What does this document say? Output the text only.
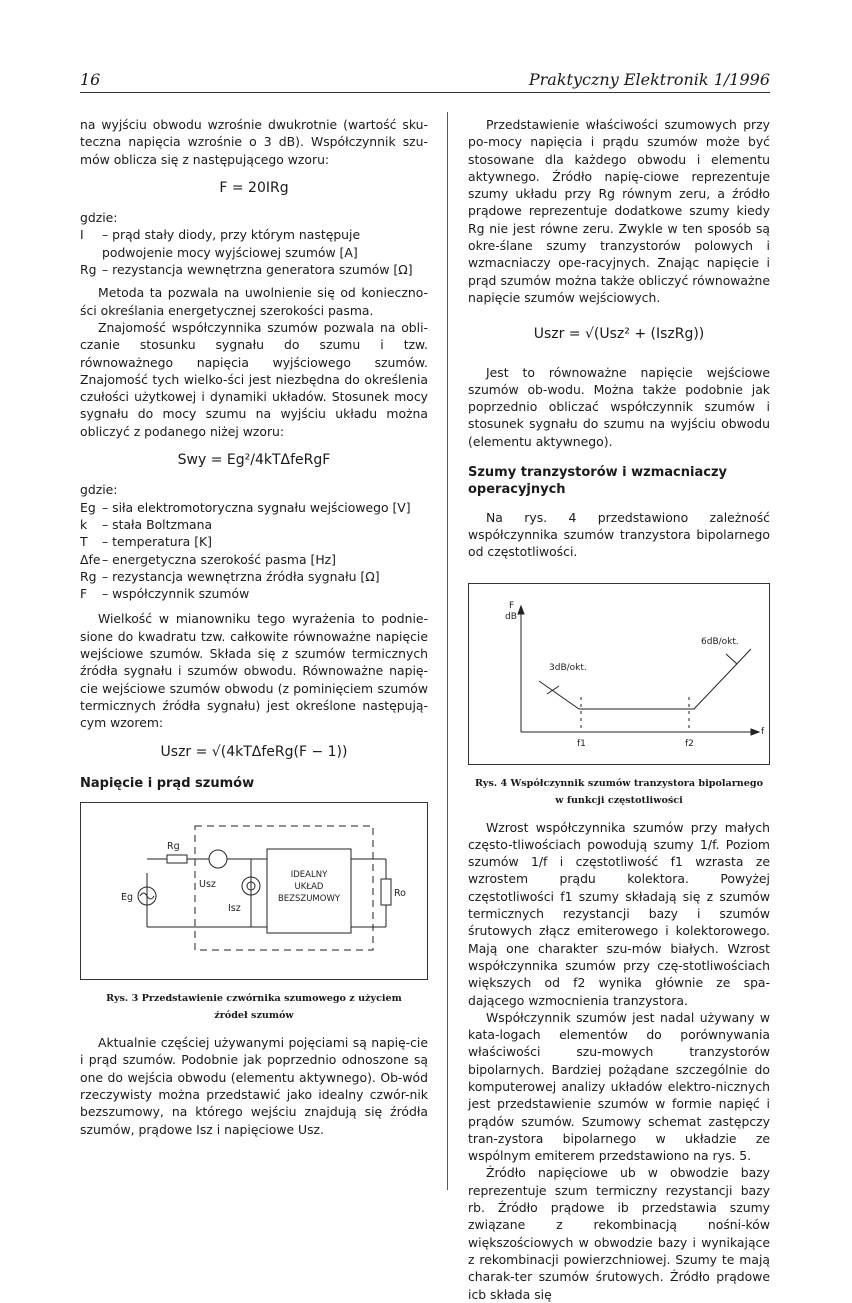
16	Praktyczny Elektronik 1/1996

na wyjściu obwodu wzrośnie dwukrotnie (wartość sku-teczna napięcia wzrośnie o 3 dB). Współczynnik szu-mów oblicza się z następującego wzoru:

F = 20IRg

gdzie:

I	– prąd stały diody, przy którym następuje podwojenie mocy wyjściowej szumów [A]
Rg – rezystancja wewnętrzna generatora szumów [Ω]

Metoda ta pozwala na uwolnienie się od konieczno-ści określania energetycznej szerokości pasma.

Znajomość współczynnika szumów pozwala na obli-czanie stosunku sygnału do szumu i tzw. równoważnego napięcia wyjściowego szumów. Znajomość tych wielko-ści jest niezbędna do określenia czułości użytkowej i dynamiki układów. Stosunek mocy sygnału do mocy szumu na wyjściu układu można obliczyć z podanego niżej wzoru:

Swy = Eg²/4kTΔfeRgF

gdzie:

Eg – siła elektromotoryczna sygnału wejściowego [V]
k	– stała Boltzmana
T	– temperatura [K]
Δfe – energetyczna szerokość pasma [Hz]
Rg – rezystancja wewnętrzna źródła sygnału [Ω]
F	– współczynnik szumów

Wielkość w mianowniku tego wyrażenia to podnie-sione do kwadratu tzw. całkowite równoważne napięcie wejściowe szumów. Składa się z szumów termicznych źródła sygnału i szumów obwodu. Równoważne napię-cie wejściowe szumów obwodu (z pominięciem szumów termicznych źródła sygnału) jest określone następują-cym wzorem:

Uszr = √(4kTΔfeRg(F − 1))
Napięcie i prąd szumów
Rg
Eg
Usz
Isz
IDEALNY
UKŁAD
BEZSZUMOWY	Ro
Rys. 3 Przedstawienie czwórnika szumowego z użyciem
źródeł szumów

Aktualnie częściej używanymi pojęciami są napię-cie i prąd szumów. Podobnie jak poprzednio odnoszone są one do wejścia obwodu (elementu aktywnego). Ob-wód rzeczywisty można przedstawić jako idealny czwór-nik bezszumowy, na którego wejściu znajdują się źródła szumów, prądowe Isz i napięciowe Usz.

Przedstawienie właściwości szumowych przy po-mocy napięcia i prądu szumów może być stosowane dla każdego obwodu i elementu aktywnego. Źródło napię-ciowe reprezentuje szumy układu przy Rg równym zeru, a źródło prądowe reprezentuje dodatkowe szumy kiedy Rg nie jest równe zeru. Zwykle w ten sposób są okre-ślane szumy tranzystorów polowych i wzmacniaczy ope-racyjnych. Znając napięcie i prąd szumów można także obliczyć równoważne napięcie szumów wejściowych.

Uszr = √(Usz² + (IszRg))

Jest to równoważne napięcie wejściowe szumów ob-wodu. Można także podobnie jak poprzednio obliczać współczynnik szumów i stosunek sygnału do szumu na wyjściu obwodu (elementu aktywnego).

Szumy tranzystorów i wzmacniaczy operacyjnych

Na rys. 4 przedstawiono zależność współczynnika szumów tranzystora bipolarnego od częstotliwości.

F
dB
3dB/okt.
6dB/okt.
f1	f2
f
Rys. 4 Współczynnik szumów tranzystora bipolarnego
w funkcji częstotliwości

Wzrost współczynnika szumów przy małych często-tliwościach powodują szumy 1/f. Poziom szumów 1/f i częstotliwość f1 wzrasta ze wzrostem prądu kolektora. Powyżej częstotliwości f1 szumy składają się z szumów termicznych rezystancji bazy i szumów śrutowych złącz emiterowego i kolektorowego. Mają one charakter szu-mów białych. Wzrost współczynnika szumów przy czę-stotliwościach większych od f2 wynika głównie ze spa-dającego wzmocnienia tranzystora.

Współczynnik szumów jest nadal używany w kata-logach elementów do porównywania właściwości szu-mowych tranzystorów bipolarnych. Bardziej pożądane szczególnie do komputerowej analizy układów elektro-nicznych jest przedstawienie szumów w formie napięć i prądów szumów. Szumowy schemat zastępczy tran-zystora bipolarnego w układzie ze wspólnym emiterem przedstawiono na rys. 5.

Źródło napięciowe ub w obwodzie bazy reprezentuje szum termiczny rezystancji bazy rb. Źródło prądowe ib przedstawia szumy związane z rekombinacją nośni-ków większościowych w obwodzie bazy i wynikające z rekombinacji powierzchniowej. Szumy te mają charak-ter szumów śrutowych. Źródło prądowe icb składa się
